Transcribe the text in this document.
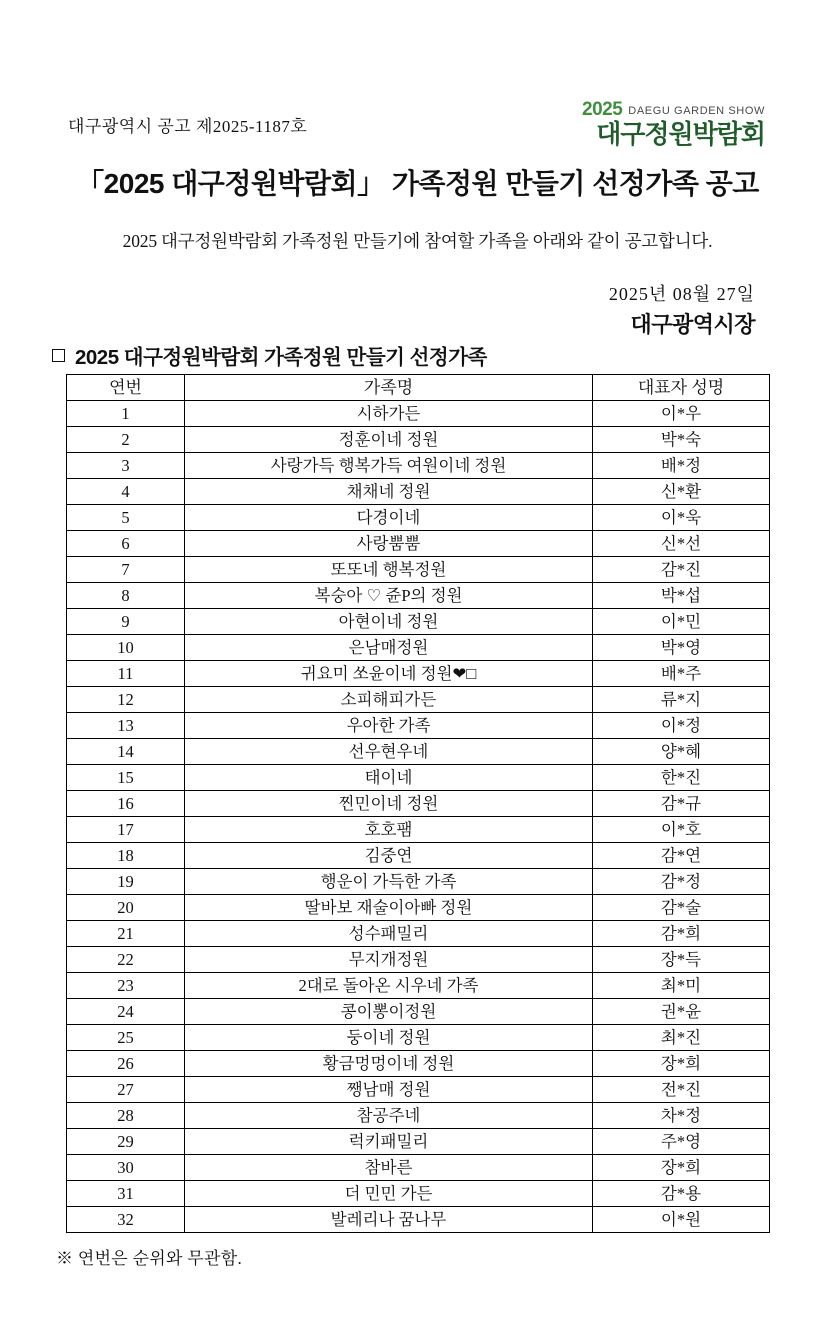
대구광역시 공고 제2025-1187호
2025 DAEGU GARDEN SHOW
대구정원박람회
「2025 대구정원박람회」 가족정원 만들기 선정가족 공고
2025 대구정원박람회 가족정원 만들기에 참여할 가족을 아래와 같이 공고합니다.
2025년 08월 27일
대구광역시장
2025 대구정원박람회 가족정원 만들기 선정가족
연번	가족명	대표자 성명
1	시하가든	이*우
2	정훈이네 정원	박*숙
3	사랑가득 행복가득 여원이네 정원	배*정
4	채채네 정원	신*환
5	다경이네	이*욱
6	사랑뿜뿜	신*선
7	또또네 행복정원	감*진
8	복숭아 ♡ 쥰P의 정원	박*섭
9	아현이네 정원	이*민
10	은남매정원	박*영
11	귀요미 쏘윤이네 정원❤□	배*주
12	소피해피가든	류*지
13	우아한 가족	이*정
14	선우현우네	양*혜
15	태이네	한*진
16	찐민이네 정원	감*규
17	호호팸	이*호
18	김중연	감*연
19	행운이 가득한 가족	감*정
20	딸바보 재술이아빠 정원	감*술
21	성수패밀리	감*희
22	무지개정원	장*득
23	2대로 돌아온 시우네 가족	최*미
24	콩이뽕이정원	권*윤
25	둥이네 정원	최*진
26	황금멍멍이네 정원	장*희
27	쨍남매 정원	전*진
28	참공주네	차*정
29	럭키패밀리	주*영
30	참바른	장*희
31	더 민민 가든	감*용
32	발레리나 꿈나무	이*원
※ 연번은 순위와 무관함.
